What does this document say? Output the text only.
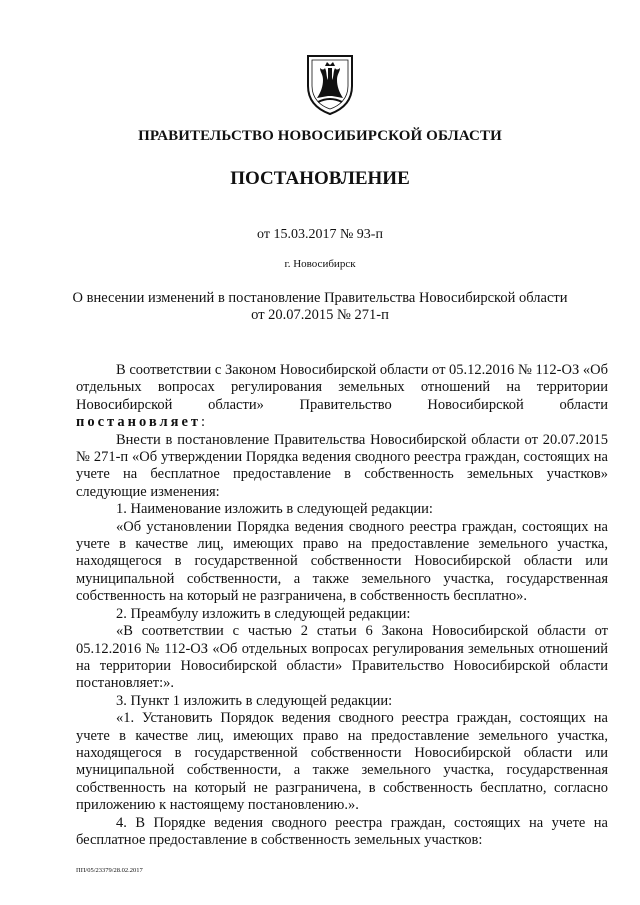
ПРАВИТЕЛЬСТВО НОВОСИБИРСКОЙ ОБЛАСТИ
ПОСТАНОВЛЕНИЕ
от 15.03.2017 № 93-п
г. Новосибирск
О внесении изменений в постановление Правительства Новосибирской области
от 20.07.2015 № 271-п

В соответствии с Законом Новосибирской области от 05.12.2016 № 112-ОЗ «Об отдельных вопросах регулирования земельных отношений на территории Новосибирской области» Правительство Новосибирской области постановляет:

Внести в постановление Правительства Новосибирской области от 20.07.2015 № 271-п «Об утверждении Порядка ведения сводного реестра граждан, состоящих на учете на бесплатное предоставление в собственность земельных участков» следующие изменения:

1. Наименование изложить в следующей редакции:

«Об установлении Порядка ведения сводного реестра граждан, состоящих на учете в качестве лиц, имеющих право на предоставление земельного участка, находящегося в государственной собственности Новосибирской области или муниципальной собственности, а также земельного участка, государственная собственность на который не разграничена, в собственность бесплатно».

2. Преамбулу изложить в следующей редакции:

«В соответствии с частью 2 статьи 6 Закона Новосибирской области от 05.12.2016 № 112-ОЗ «Об отдельных вопросах регулирования земельных отношений на территории Новосибирской области» Правительство Новосибирской области постановляет:».

3. Пункт 1 изложить в следующей редакции:

«1. Установить Порядок ведения сводного реестра граждан, состоящих на учете в качестве лиц, имеющих право на предоставление земельного участка, находящегося в государственной собственности Новосибирской области или муниципальной собственности, а также земельного участка, государственная собственность на который не разграничена, в собственность бесплатно, согласно приложению к настоящему постановлению.».

4. В Порядке ведения сводного реестра граждан, состоящих на учете на бесплатное предоставление в собственность земельных участков:

ПП/05/23379/28.02.2017
